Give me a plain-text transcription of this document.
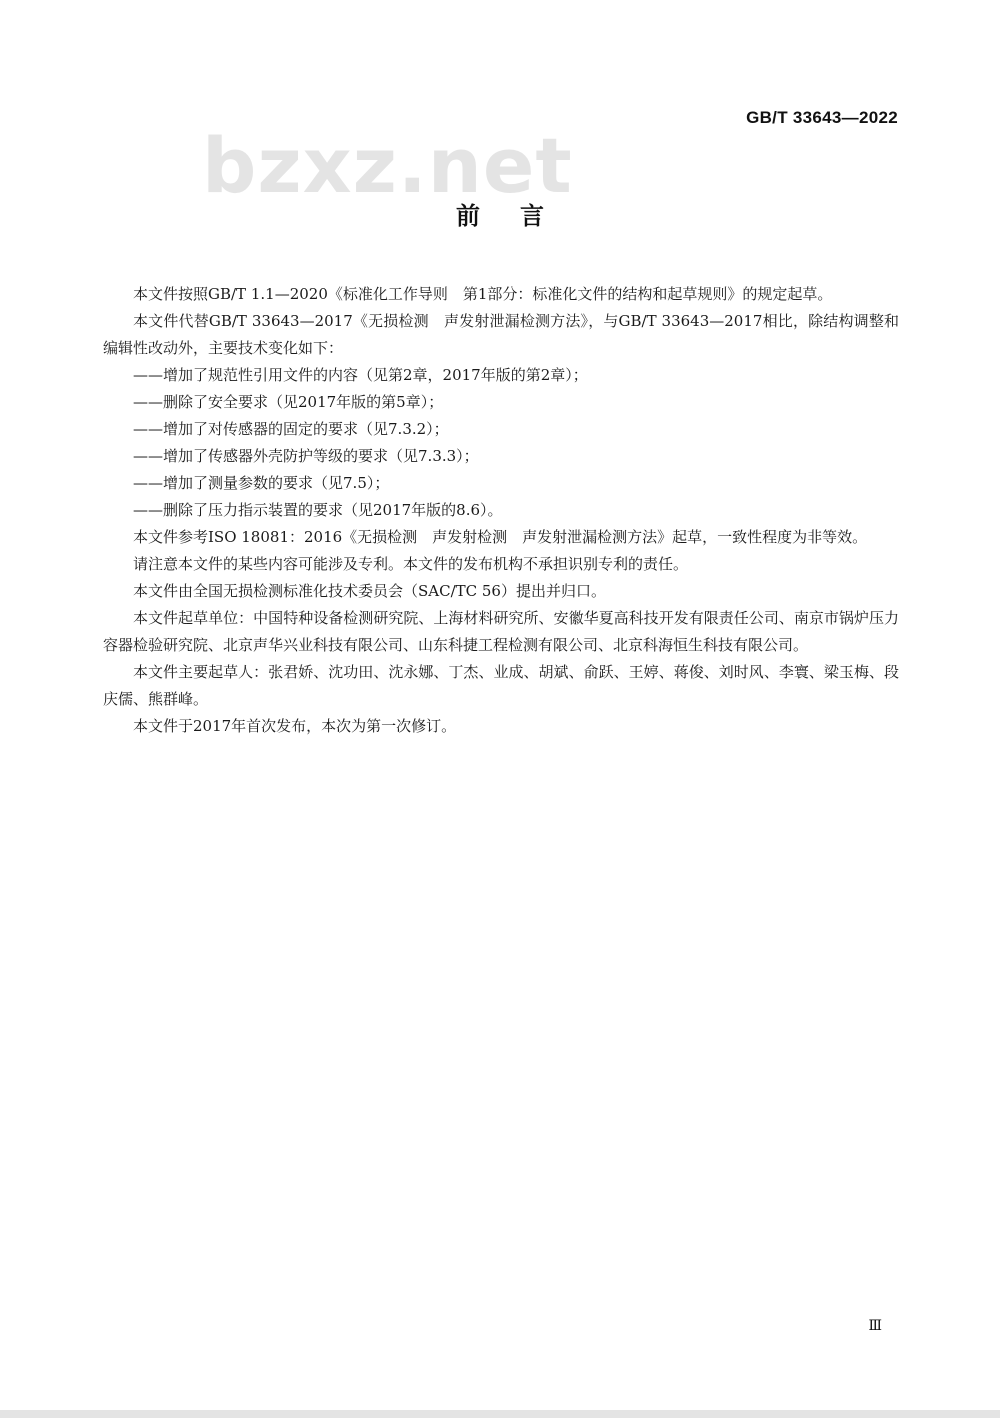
GB/T 33643—2022
bzxz.net
前言

本文件按照GB/T 1.1—2020《标准化工作导则　第1部分：标准化文件的结构和起草规则》的规定起草。

本文件代替GB/T 33643—2017《无损检测　声发射泄漏检测方法》，与GB/T 33643—2017相比，除结构调整和编辑性改动外，主要技术变化如下：

——增加了规范性引用文件的内容（见第2章，2017年版的第2章）；

——删除了安全要求（见2017年版的第5章）；

——增加了对传感器的固定的要求（见7.3.2）；

——增加了传感器外壳防护等级的要求（见7.3.3）；

——增加了测量参数的要求（见7.5）；

——删除了压力指示装置的要求（见2017年版的8.6）。

本文件参考ISO 18081：2016《无损检测　声发射检测　声发射泄漏检测方法》起草，一致性程度为非等效。

请注意本文件的某些内容可能涉及专利。本文件的发布机构不承担识别专利的责任。

本文件由全国无损检测标准化技术委员会（SAC/TC 56）提出并归口。

本文件起草单位：中国特种设备检测研究院、上海材料研究所、安徽华夏高科技开发有限责任公司、南京市锅炉压力容器检验研究院、北京声华兴业科技有限公司、山东科捷工程检测有限公司、北京科海恒生科技有限公司。

本文件主要起草人：张君娇、沈功田、沈永娜、丁杰、业成、胡斌、俞跃、王婷、蒋俊、刘时风、李寰、梁玉梅、段庆儒、熊群峰。

本文件于2017年首次发布，本次为第一次修订。

Ⅲ
